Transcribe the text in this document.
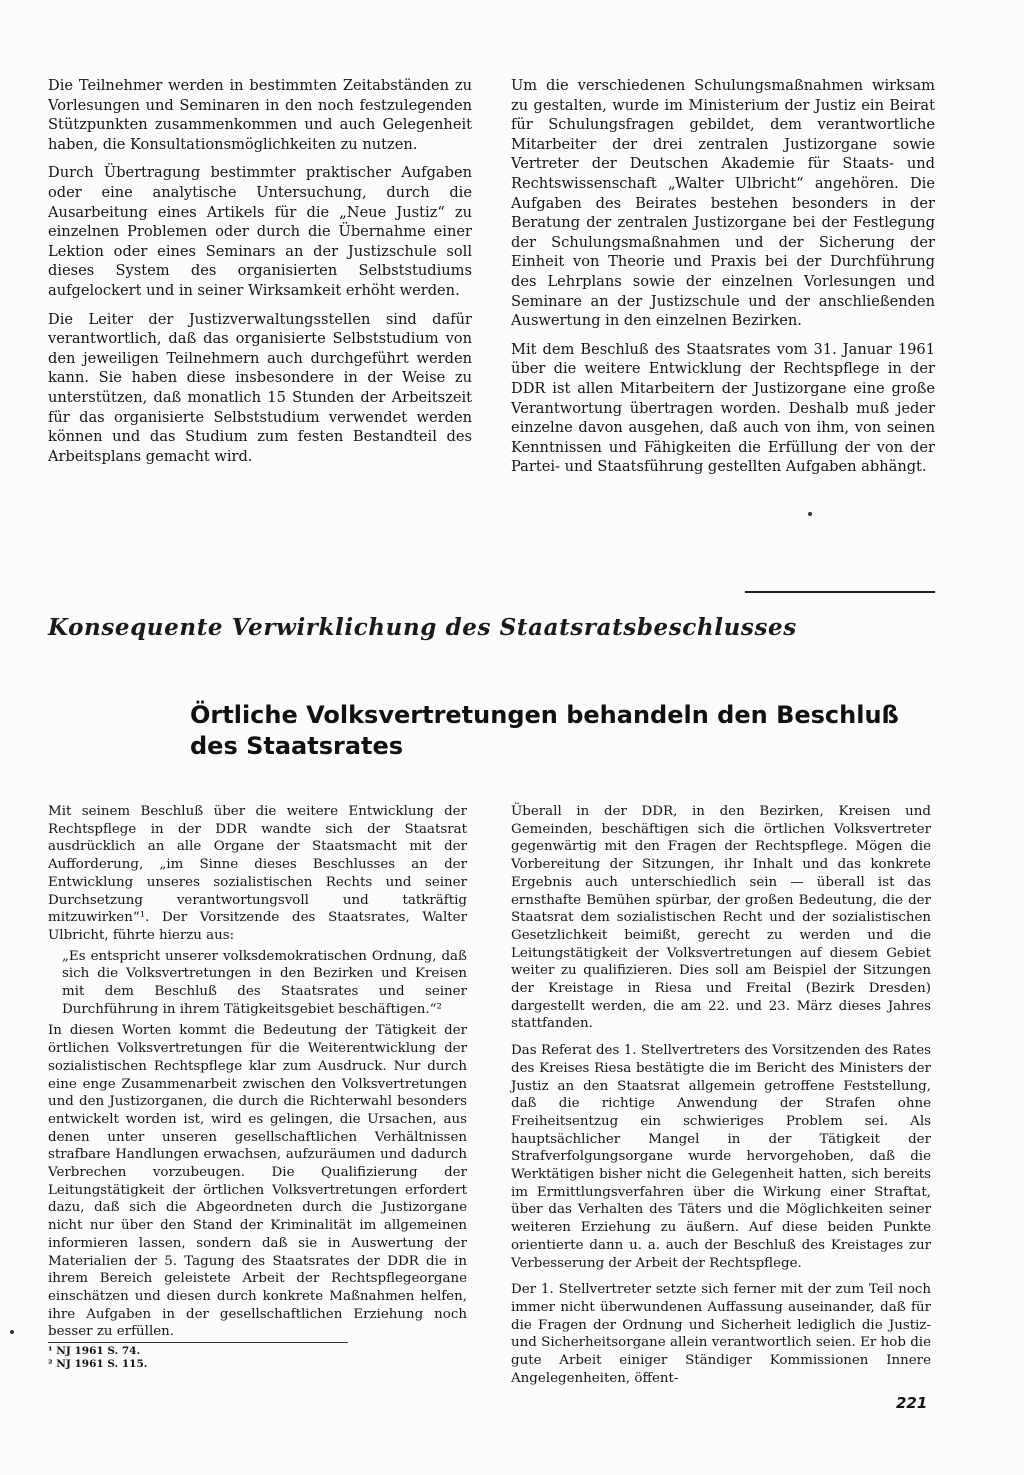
Die Teilnehmer werden in bestimmten Zeitabständen zu Vorlesungen und Seminaren in den noch festzulegenden Stützpunkten zusammenkommen und auch Gelegenheit haben, die Konsultationsmöglichkeiten zu nutzen.

Durch Übertragung bestimmter praktischer Aufgaben oder eine analytische Untersuchung, durch die Ausarbeitung eines Artikels für die „Neue Justiz“ zu einzelnen Problemen oder durch die Übernahme einer Lektion oder eines Seminars an der Justizschule soll dieses System des organisierten Selbststudiums aufgelockert und in seiner Wirksamkeit erhöht werden.

Die Leiter der Justizverwaltungsstellen sind dafür verantwortlich, daß das organisierte Selbststudium von den jeweiligen Teilnehmern auch durchgeführt werden kann. Sie haben diese insbesondere in der Weise zu unterstützen, daß monatlich 15 Stunden der Arbeitszeit für das organisierte Selbststudium verwendet werden können und das Studium zum festen Bestandteil des Arbeitsplans gemacht wird.

Um die verschiedenen Schulungsmaßnahmen wirksam zu gestalten, wurde im Ministerium der Justiz ein Beirat für Schulungsfragen gebildet, dem verantwortliche Mitarbeiter der drei zentralen Justizorgane sowie Vertreter der Deutschen Akademie für Staats- und Rechtswissenschaft „Walter Ulbricht“ angehören. Die Aufgaben des Beirates bestehen besonders in der Beratung der zentralen Justizorgane bei der Festlegung der Schulungsmaßnahmen und der Sicherung der Einheit von Theorie und Praxis bei der Durchführung des Lehrplans sowie der einzelnen Vorlesungen und Seminare an der Justizschule und der anschließenden Auswertung in den einzelnen Bezirken.

Mit dem Beschluß des Staatsrates vom 31. Januar 1961 über die weitere Entwicklung der Rechtspflege in der DDR ist allen Mitarbeitern der Justizorgane eine große Verantwortung übertragen worden. Deshalb muß jeder einzelne davon ausgehen, daß auch von ihm, von seinen Kenntnissen und Fähigkeiten die Erfüllung der von der Partei- und Staatsführung gestellten Aufgaben abhängt.

Konsequente Verwirklichung des Staatsratsbeschlusses
Örtliche Volksvertretungen behandeln den Beschluß des Staatsrates

Mit seinem Beschluß über die weitere Entwicklung der Rechtspflege in der DDR wandte sich der Staatsrat ausdrücklich an alle Organe der Staatsmacht mit der Aufforderung, „im Sinne dieses Beschlusses an der Entwicklung unseres sozialistischen Rechts und seiner Durchsetzung verantwortungsvoll und tatkräftig mitzuwirken“¹. Der Vorsitzende des Staatsrates, Walter Ulbricht, führte hierzu aus:

„Es entspricht unserer volksdemokratischen Ordnung, daß sich die Volksvertretungen in den Bezirken und Kreisen mit dem Beschluß des Staatsrates und seiner Durchführung in ihrem Tätigkeitsgebiet beschäftigen.“²

In diesen Worten kommt die Bedeutung der Tätigkeit der örtlichen Volksvertretungen für die Weiterentwicklung der sozialistischen Rechtspflege klar zum Ausdruck. Nur durch eine enge Zusammenarbeit zwischen den Volksvertretungen und den Justizorganen, die durch die Richterwahl besonders entwickelt worden ist, wird es gelingen, die Ursachen, aus denen unter unseren gesellschaftlichen Verhältnissen strafbare Handlungen erwachsen, aufzuräumen und dadurch Verbrechen vorzubeugen. Die Qualifizierung der Leitungstätigkeit der örtlichen Volksvertretungen erfordert dazu, daß sich die Abgeordneten durch die Justizorgane nicht nur über den Stand der Kriminalität im allgemeinen informieren lassen, sondern daß sie in Auswertung der Materialien der 5. Tagung des Staatsrates der DDR die in ihrem Bereich geleistete Arbeit der Rechtspflegeorgane einschätzen und diesen durch konkrete Maßnahmen helfen, ihre Aufgaben in der gesellschaftlichen Erziehung noch besser zu erfüllen.

Überall in der DDR, in den Bezirken, Kreisen und Gemeinden, beschäftigen sich die örtlichen Volksvertreter gegenwärtig mit den Fragen der Rechtspflege. Mögen die Vorbereitung der Sitzungen, ihr Inhalt und das konkrete Ergebnis auch unterschiedlich sein — überall ist das ernsthafte Bemühen spürbar, der großen Bedeutung, die der Staatsrat dem sozialistischen Recht und der sozialistischen Gesetzlichkeit beimißt, gerecht zu werden und die Leitungstätigkeit der Volksvertretungen auf diesem Gebiet weiter zu qualifizieren. Dies soll am Beispiel der Sitzungen der Kreistage in Riesa und Freital (Bezirk Dresden) dargestellt werden, die am 22. und 23. März dieses Jahres stattfanden.

Das Referat des 1. Stellvertreters des Vorsitzenden des Rates des Kreises Riesa bestätigte die im Bericht des Ministers der Justiz an den Staatsrat allgemein getroffene Feststellung, daß die richtige Anwendung der Strafen ohne Freiheitsentzug ein schwieriges Problem sei. Als hauptsächlicher Mangel in der Tätigkeit der Strafverfolgungsorgane wurde hervorgehoben, daß die Werktätigen bisher nicht die Gelegenheit hatten, sich bereits im Ermittlungsverfahren über die Wirkung einer Straftat, über das Verhalten des Täters und die Möglichkeiten seiner weiteren Erziehung zu äußern. Auf diese beiden Punkte orientierte dann u. a. auch der Beschluß des Kreistages zur Verbesserung der Arbeit der Rechtspflege.

Der 1. Stellvertreter setzte sich ferner mit der zum Teil noch immer nicht überwundenen Auffassung auseinander, daß für die Fragen der Ordnung und Sicherheit lediglich die Justiz- und Sicherheitsorgane allein verantwortlich seien. Er hob die gute Arbeit einiger Ständiger Kommissionen Innere Angelegenheiten, öffent-

¹ NJ 1961 S. 74.
² NJ 1961 S. 115.
221
